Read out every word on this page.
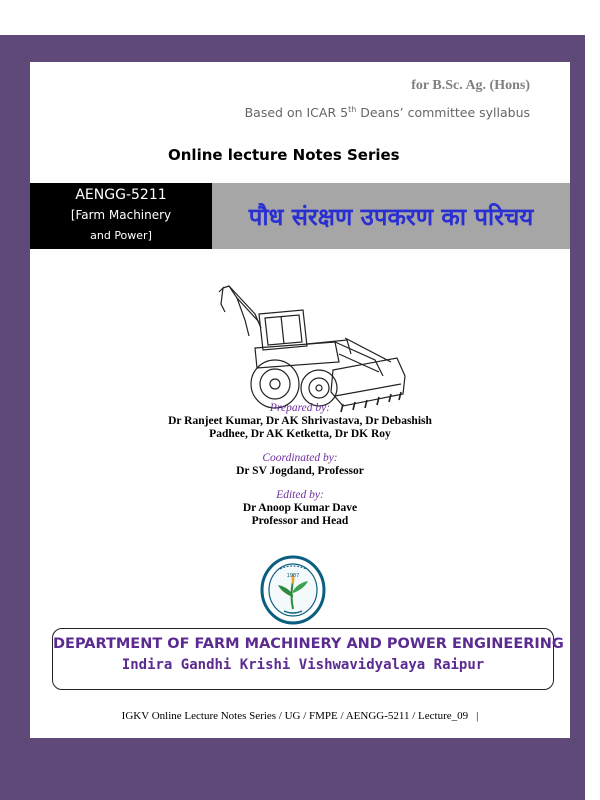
for B.Sc. Ag. (Hons)
Based on ICAR 5th Deans’ committee syllabus
Online lecture Notes Series
AENGG-5211
[Farm Machinery
and Power]
पौध संरक्षण उपकरण का परिचय
Prepared by:
Dr Ranjeet Kumar, Dr AK Shrivastava, Dr Debashish
Padhee, Dr AK Ketketta, Dr DK Roy
Coordinated by:
Dr SV Jogdand, Professor
Edited by:
Dr Anoop Kumar Dave
Professor and Head
1987
DEPARTMENT OF FARM MACHINERY AND POWER ENGINEERING
Indira Gandhi Krishi Vishwavidyalaya Raipur
IGKV Online Lecture Notes Series / UG / FMPE / AENGG-5211 / Lecture_09 |
